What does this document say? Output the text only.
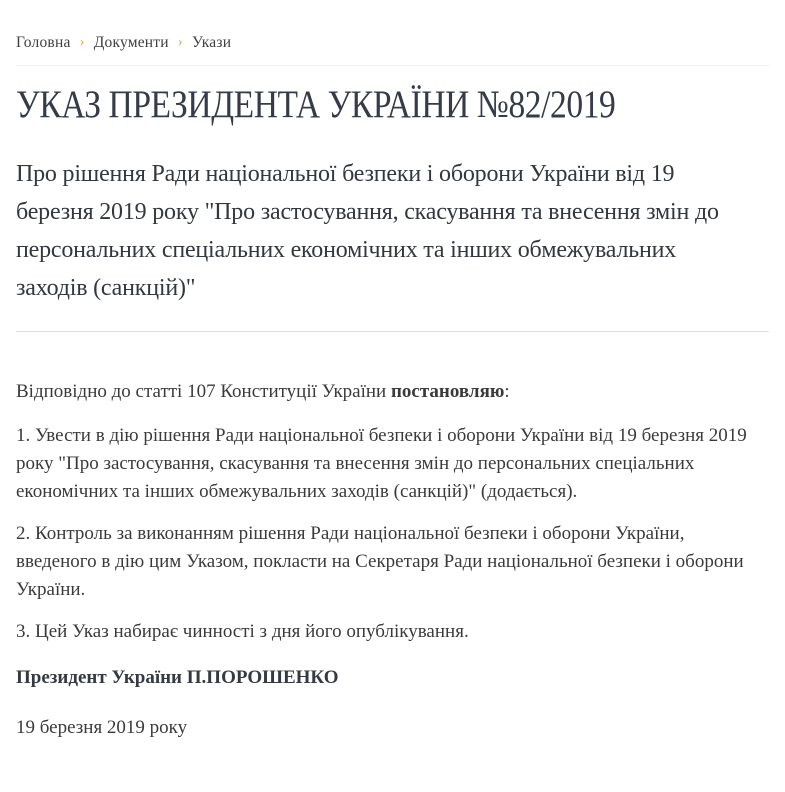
Головна › Документи › Укази
УКАЗ ПРЕЗИДЕНТА УКРАЇНИ №82/2019

Про рішення Ради національної безпеки і оборони України від 19 березня 2019 року "Про застосування, скасування та внесення змін до персональних спеціальних економічних та інших обмежувальних заходів (санкцій)"

Відповідно до статті 107 Конституції України постановляю:

1. Увести в дію рішення Ради національної безпеки і оборони України від 19 березня 2019 року "Про застосування, скасування та внесення змін до персональних спеціальних економічних та інших обмежувальних заходів (санкцій)" (додається).

2. Контроль за виконанням рішення Ради національної безпеки і оборони України, введеного в дію цим Указом, покласти на Секретаря Ради національної безпеки і оборони України.

3. Цей Указ набирає чинності з дня його опублікування.

Президент України П.ПОРОШЕНКО

19 березня 2019 року
